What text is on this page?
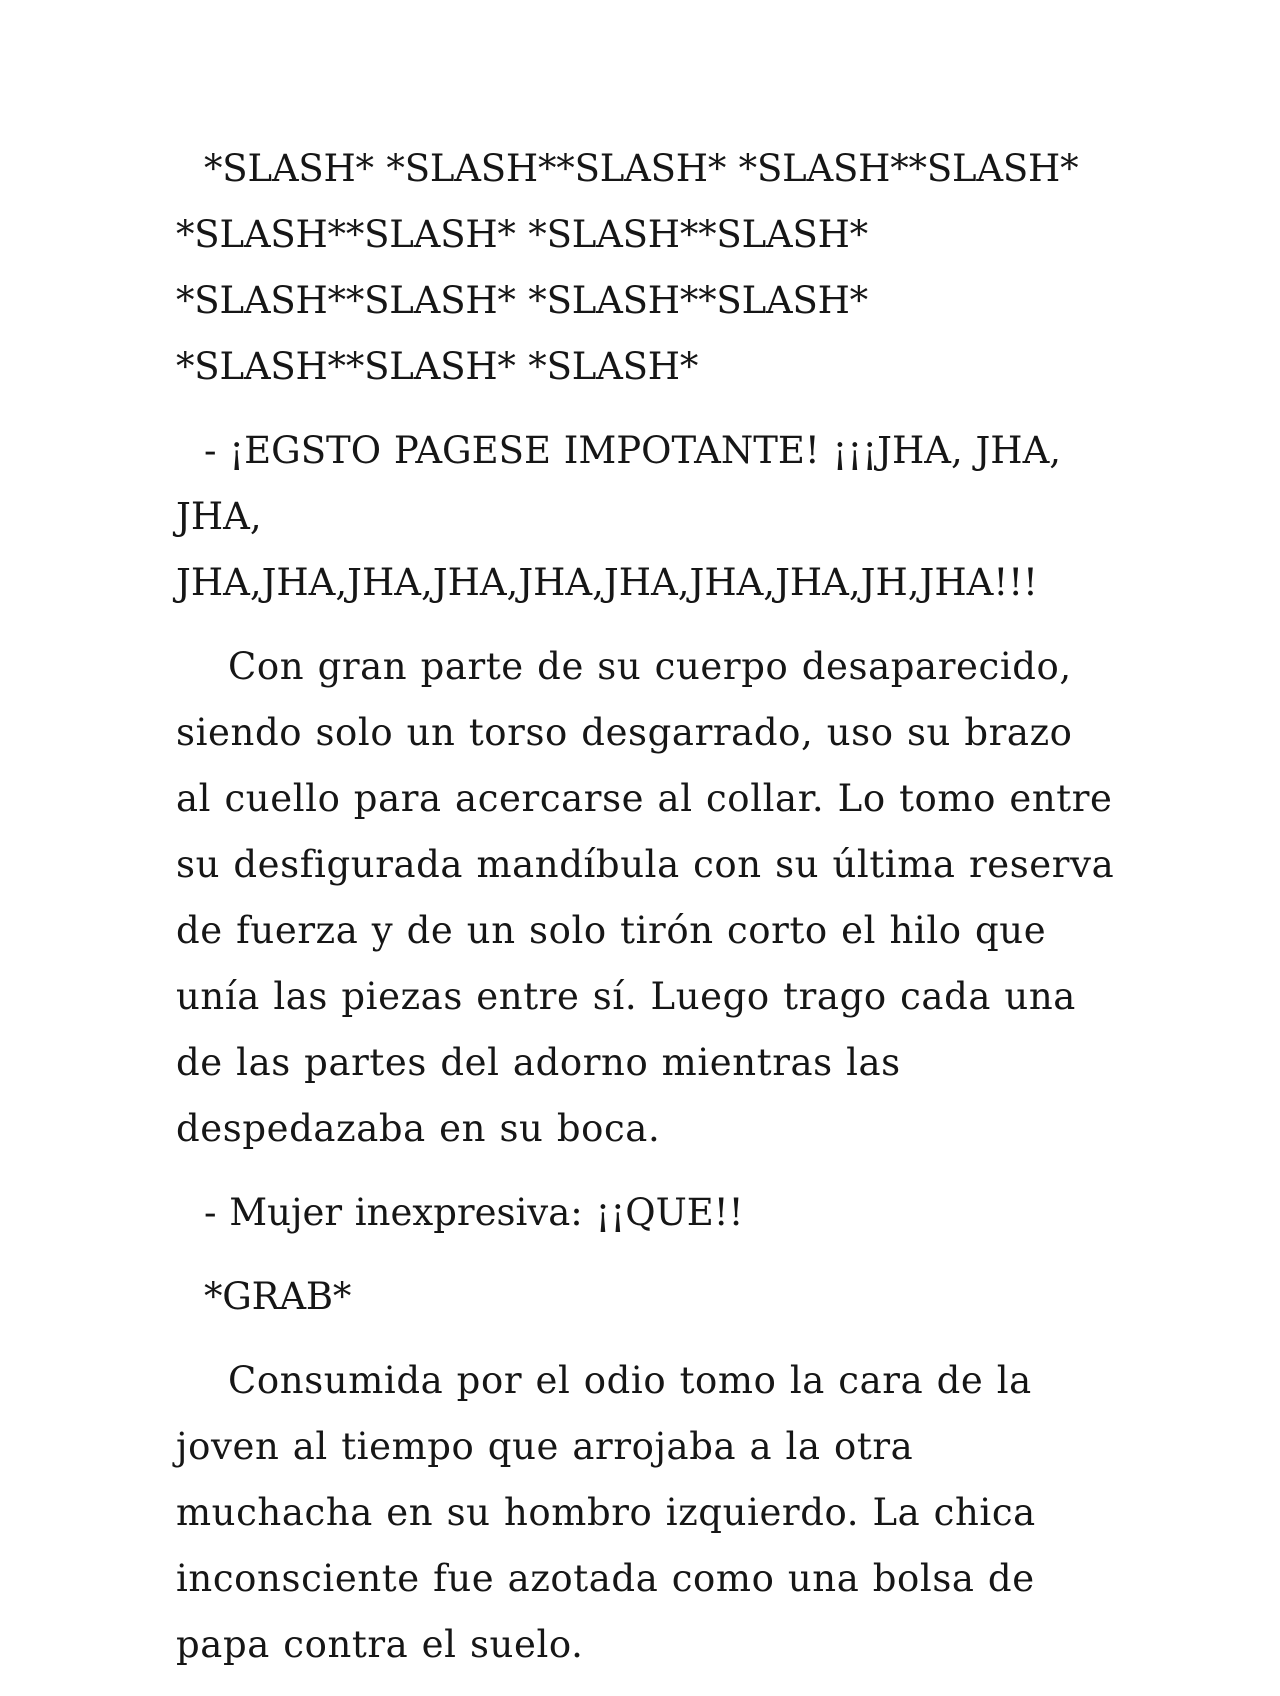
*SLASH* *SLASH**SLASH* *SLASH**SLASH* *SLASH**SLASH* *SLASH**SLASH* *SLASH**SLASH* *SLASH**SLASH* *SLASH**SLASH* *SLASH*

- ¡EGSTO PAGESE IMPOTANTE! ¡¡¡JHA, JHA, JHA, JHA,JHA,JHA,JHA,JHA,JHA,JHA,JHA,JH,JHA!!!

Con gran parte de su cuerpo desaparecido, siendo solo un torso desgarrado, uso su brazo al cuello para acercarse al collar. Lo tomo entre su desfigurada mandíbula con su última reserva de fuerza y de un solo tirón corto el hilo que unía las piezas entre sí. Luego trago cada una de las partes del adorno mientras las despedazaba en su boca.

- Mujer inexpresiva: ¡¡QUE!!

*GRAB*

Consumida por el odio tomo la cara de la joven al tiempo que arrojaba a la otra muchacha en su hombro izquierdo. La chica inconsciente fue azotada como una bolsa de papa contra el suelo.
